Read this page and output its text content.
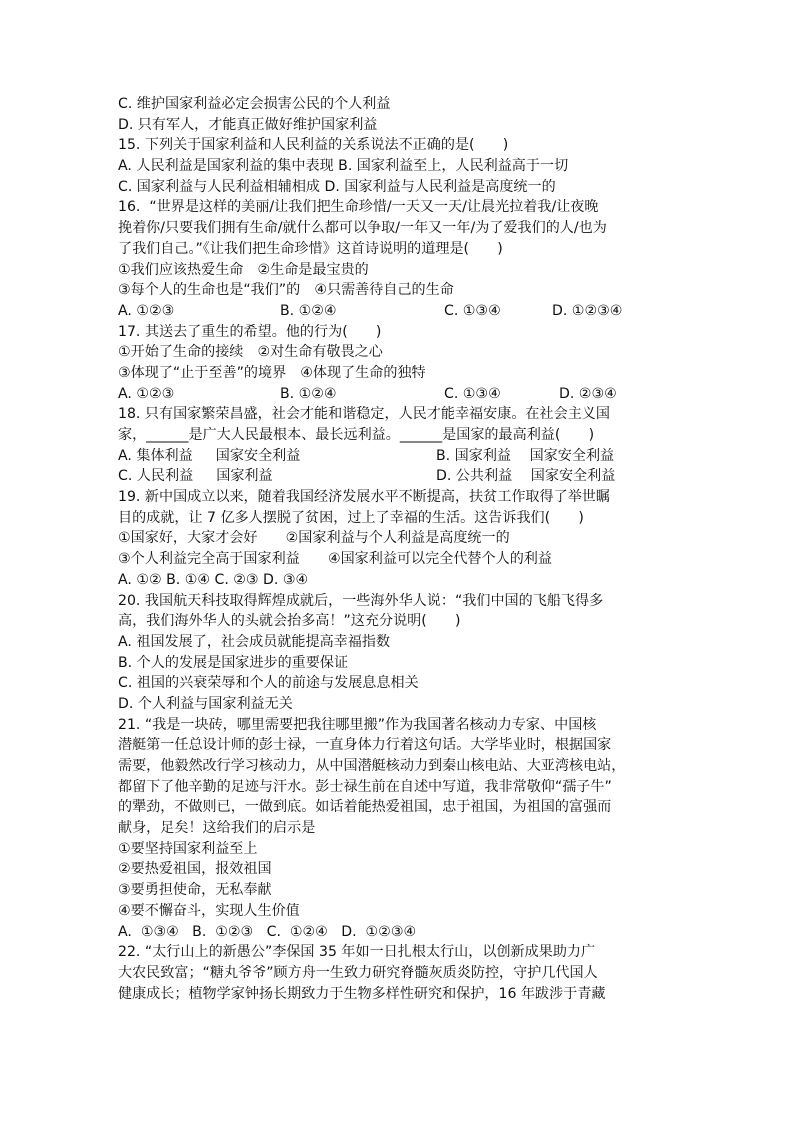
C. 维护国家利益必定会损害公民的个人利益
D. 只有军人，才能真正做好维护国家利益
15. 下列关于国家利益和人民利益的关系说法不正确的是(　　)
A. 人民利益是国家利益的集中表现 B. 国家利益至上，人民利益高于一切
C. 国家利益与人民利益相辅相成 D. 国家利益与人民利益是高度统一的
16.  “世界是这样的美丽/让我们把生命珍惜/一天又一天/让晨光拉着我/让夜晚
挽着你/只要我们拥有生命/就什么都可以争取/一年又一年/为了爱我们的人/也为
了我们自己。”《让我们把生命珍惜》这首诗说明的道理是(　　)
①我们应该热爱生命　②生命是最宝贵的
③每个人的生命也是“我们”的　④只需善待自己的生命
A. ①②③	B. ①②④	C. ①③④	D. ①②③④
17. 其送去了重生的希望。他的行为(　　)
①开始了生命的接续　②对生命有敬畏之心
③体现了“止于至善”的境界　④体现了生命的独特
A. ①②③	B. ①②④	C. ①③④	D. ②③④
18. 只有国家繁荣昌盛，社会才能和谐稳定，人民才能幸福安康。在社会主义国
家，______是广大人民最根本、最长远利益。______是国家的最高利益(　　)
A. 集体利益　  国家安全利益	B. 国家利益　 国家安全利益
C. 人民利益　  国家利益	D. 公共利益　 国家安全利益
19. 新中国成立以来，随着我国经济发展水平不断提高，扶贫工作取得了举世瞩
目的成就，让 7 亿多人摆脱了贫困，过上了幸福的生活。这告诉我们(　　)
①国家好，大家才会好　　②国家利益与个人利益是高度统一的
③个人利益完全高于国家利益　　④国家利益可以完全代替个人的利益
A. ①② B. ①④ C. ②③ D. ③④
20. 我国航天科技取得辉煌成就后，一些海外华人说：“我们中国的飞船飞得多
高，我们海外华人的头就会抬多高！”这充分说明(　　)
A. 祖国发展了，社会成员就能提高幸福指数
B. 个人的发展是国家进步的重要保证
C. 祖国的兴衰荣辱和个人的前途与发展息息相关
D. 个人利益与国家利益无关
21. “我是一块砖，哪里需要把我往哪里搬”作为我国著名核动力专家、中国核
潜艇第一任总设计师的彭士禄，一直身体力行着这句话。大学毕业时，根据国家
需要，他毅然改行学习核动力，从中国潜艇核动力到秦山核电站、大亚湾核电站，
都留下了他辛勤的足迹与汗水。彭士禄生前在自述中写道，我非常敬仰“孺子牛”
的犟劲，不做则已，一做到底。如话着能热爱祖国，忠于祖国，为祖国的富强而
献身，足矣！这给我们的启示是
①要坚持国家利益至上
②要热爱祖国，报效祖国
③要勇担使命，无私奉献
④要不懈奋斗，实现人生价值
A.  ①③④   B.  ①②③   C.  ①②④   D.  ①②③④
22. “太行山上的新愚公”李保国 35 年如一日扎根太行山，以创新成果助力广
大农民致富；“糖丸爷爷”顾方舟一生致力研究脊髓灰质炎防控，守护几代国人
健康成长；植物学家钟扬长期致力于生物多样性研究和保护，16 年跋涉于青藏
